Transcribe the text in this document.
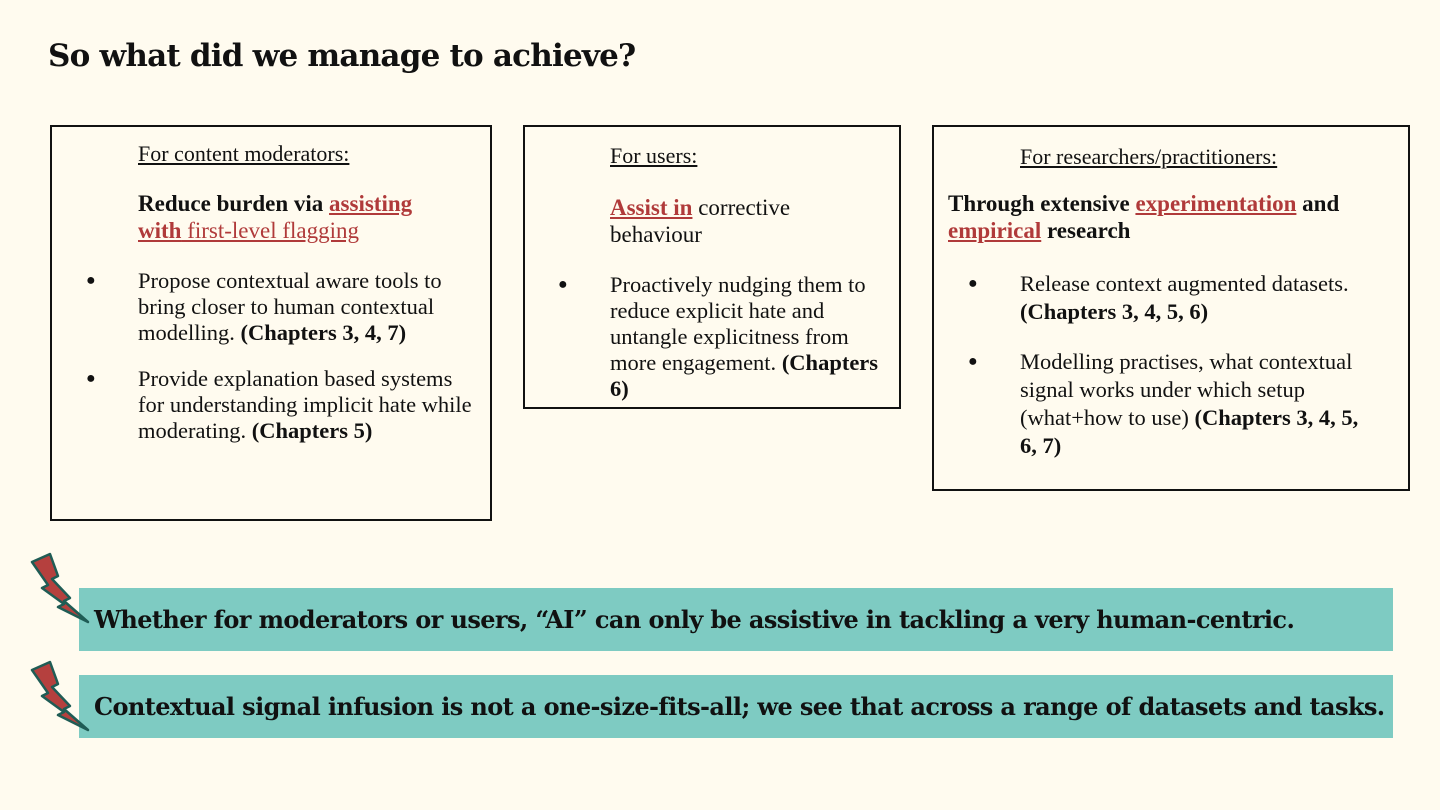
So what did we manage to achieve?
For content moderators:
Reduce burden via assisting with first-level flagging
● Propose contextual aware tools to bring closer to human contextual modelling. (Chapters 3, 4, 7)
● Provide explanation based systems for understanding implicit hate while moderating. (Chapters 5)
For users:
Assist in corrective behaviour
● Proactively nudging them to reduce explicit hate and untangle explicitness from more engagement. (Chapters 6)
For researchers/practitioners:
Through extensive experimentation and empirical research
● Release context augmented datasets. (Chapters 3, 4, 5, 6)
● Modelling practises, what contextual signal works under which setup (what+how to use) (Chapters 3, 4, 5, 6, 7)
Whether for moderators or users, “AI” can only be assistive in tackling a very human-centric.
Contextual signal infusion is not a one-size-fits-all; we see that across a range of datasets and tasks.
